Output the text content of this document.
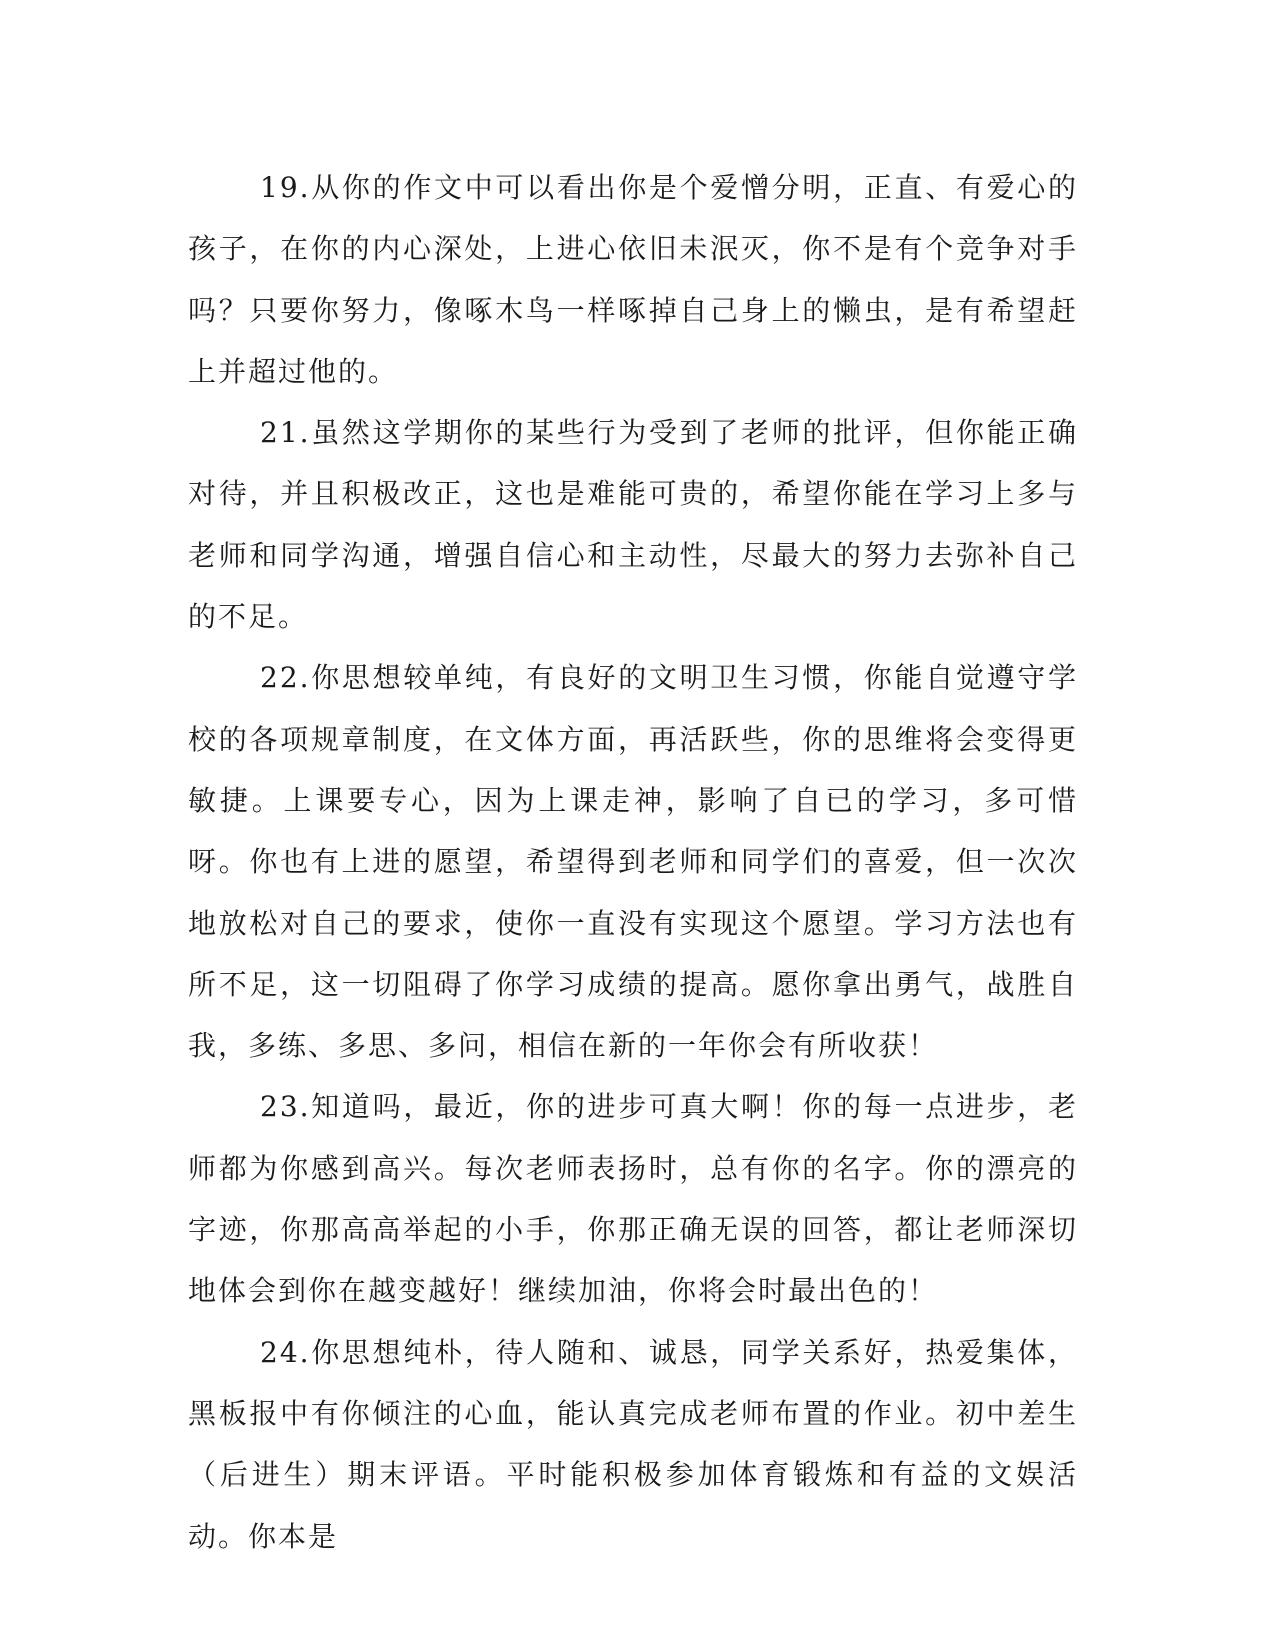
19.从你的作文中可以看出你是个爱憎分明，正直、有爱心的孩子，在你的内心深处，上进心依旧未泯灭，你不是有个竞争对手吗？只要你努力，像啄木鸟一样啄掉自己身上的懒虫，是有希望赶上并超过他的。

21.虽然这学期你的某些行为受到了老师的批评，但你能正确对待，并且积极改正，这也是难能可贵的，希望你能在学习上多与老师和同学沟通，增强自信心和主动性，尽最大的努力去弥补自己的不足。

22.你思想较单纯，有良好的文明卫生习惯，你能自觉遵守学校的各项规章制度，在文体方面，再活跃些，你的思维将会变得更敏捷。上课要专心，因为上课走神，影响了自已的学习，多可惜呀。你也有上进的愿望，希望得到老师和同学们的喜爱，但一次次地放松对自己的要求，使你一直没有实现这个愿望。学习方法也有所不足，这一切阻碍了你学习成绩的提高。愿你拿出勇气，战胜自我，多练、多思、多问，相信在新的一年你会有所收获！

23.知道吗，最近，你的进步可真大啊！你的每一点进步，老师都为你感到高兴。每次老师表扬时，总有你的名字。你的漂亮的字迹，你那高高举起的小手，你那正确无误的回答，都让老师深切地体会到你在越变越好！继续加油，你将会时最出色的！

24.你思想纯朴，待人随和、诚恳，同学关系好，热爱集体，黑板报中有你倾注的心血，能认真完成老师布置的作业。初中差生（后进生）期末评语。平时能积极参加体育锻炼和有益的文娱活动。你本是
